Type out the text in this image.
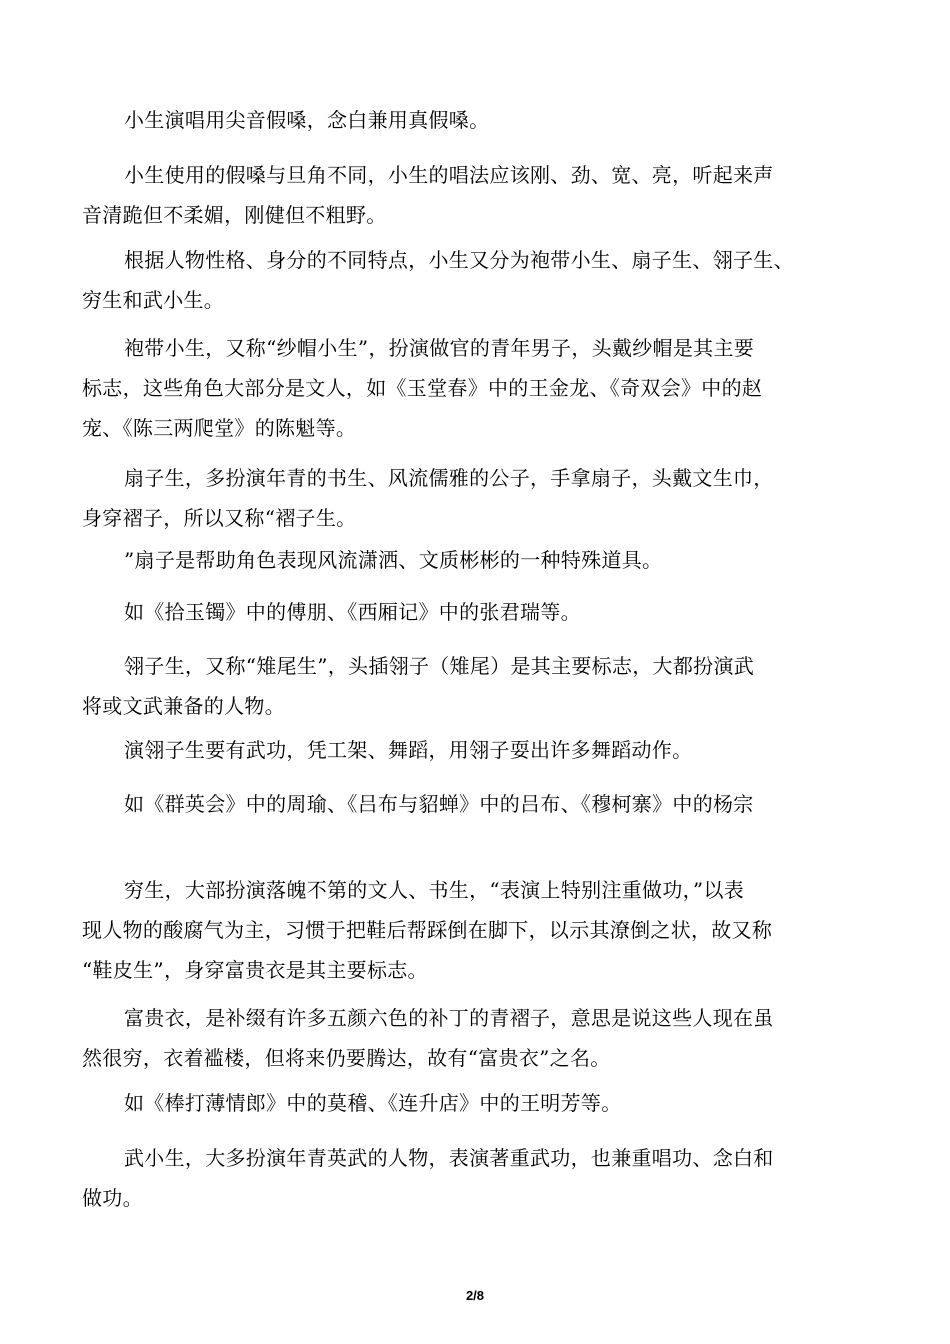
小生演唱用尖音假嗓，念白兼用真假嗓。

小生使用的假嗓与旦角不同，小生的唱法应该刚、劲、宽、亮，听起来声
音清跪但不柔媚，刚健但不粗野。

根据人物性格、身分的不同特点，小生又分为袍带小生、扇子生、翎子生、
穷生和武小生。

袍带小生，又称“纱帽小生”，扮演做官的青年男子，头戴纱帽是其主要
标志，这些角色大部分是文人，如《玉堂春》中的王金龙、《奇双会》中的赵
宠、《陈三两爬堂》的陈魁等。

扇子生，多扮演年青的书生、风流儒雅的公子，手拿扇子，头戴文生巾，
身穿褶子，所以又称“褶子生。

”扇子是帮助角色表现风流潇洒、文质彬彬的一种特殊道具。

如《拾玉镯》中的傅朋、《西厢记》中的张君瑞等。

翎子生，又称“雉尾生”，头插翎子（雉尾）是其主要标志，大都扮演武
将或文武兼备的人物。

演翎子生要有武功，凭工架、舞蹈，用翎子耍出许多舞蹈动作。

如《群英会》中的周瑜、《吕布与貂蝉》中的吕布、《穆柯寨》中的杨宗

穷生，大部扮演落魄不第的文人、书生，“表演上特别注重做功，”以表
现人物的酸腐气为主，习惯于把鞋后帮踩倒在脚下，以示其潦倒之状，故又称
“鞋皮生”，身穿富贵衣是其主要标志。

富贵衣，是补缀有许多五颜六色的补丁的青褶子，意思是说这些人现在虽
然很穷，衣着褴楼，但将来仍要腾达，故有“富贵衣”之名。

如《棒打薄情郎》中的莫稽、《连升店》中的王明芳等。

武小生，大多扮演年青英武的人物，表演著重武功，也兼重唱功、念白和
做功。

2/8
